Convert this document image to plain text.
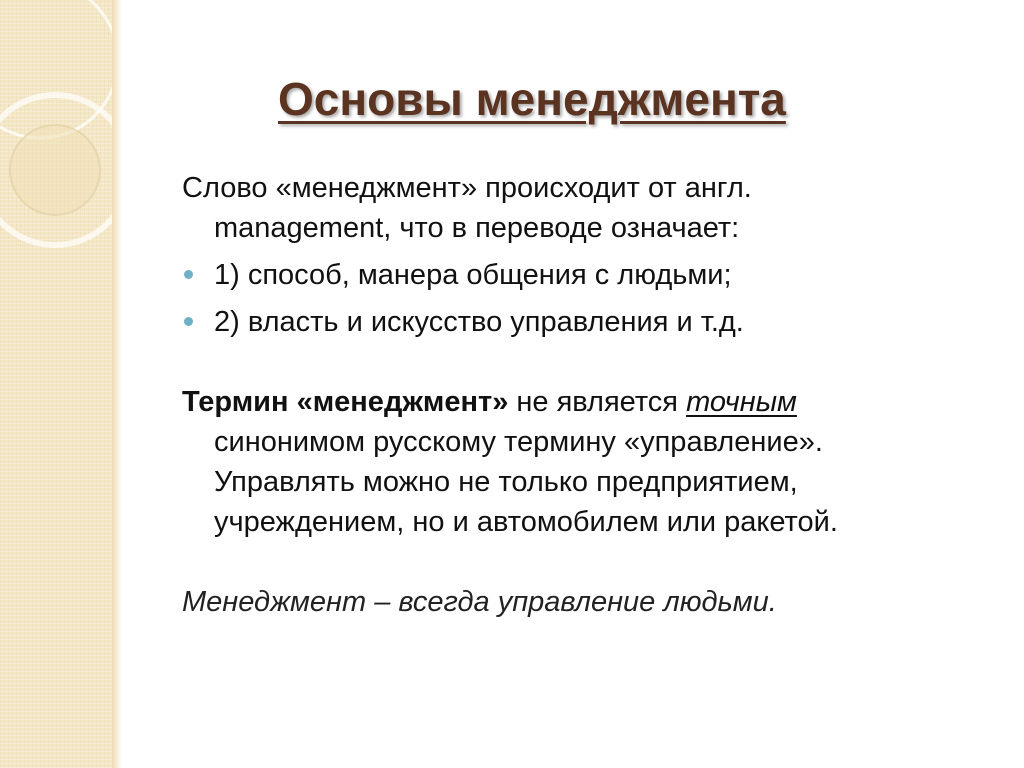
Основы менеджмента

Слово «менеджмент» происходит от англ.
management, что в переводе означает:

1) способ, манера общения с людьми;
2) власть и искусство управления и т.д.

Термин «менеджмент» не является точным
синонимом русскому термину «управление».
Управлять можно не только предприятием,
учреждением, но и автомобилем или ракетой.

Менеджмент – всегда управление людьми.
